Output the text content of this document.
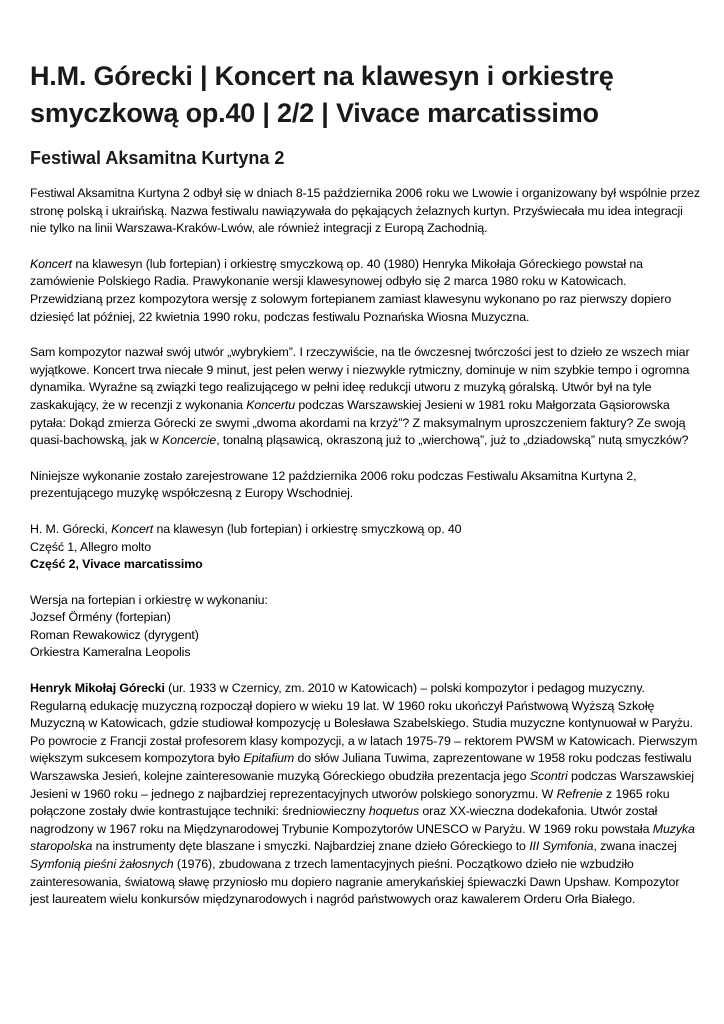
H.M. Górecki | Koncert na klawesyn i orkiestrę
smyczkową op.40 | 2/2 | Vivace marcatissimo
Festiwal Aksamitna Kurtyna 2

Festiwal Aksamitna Kurtyna 2 odbył się w dniach 8-15 października 2006 roku we Lwowie i organizowany był wspólnie przez stronę polską i ukraińską. Nazwa festiwalu nawiązywała do pękających żelaznych kurtyn. Przyświecała mu idea integracji nie tylko na linii Warszawa-Kraków-Lwów, ale również integracji z Europą Zachodnią.

Koncert na klawesyn (lub fortepian) i orkiestrę smyczkową op. 40 (1980) Henryka Mikołaja Góreckiego powstał na zamówienie Polskiego Radia. Prawykonanie wersji klawesynowej odbyło się 2 marca 1980 roku w Katowicach. Przewidzianą przez kompozytora wersję z solowym fortepianem zamiast klawesynu wykonano po raz pierwszy dopiero dziesięć lat później, 22 kwietnia 1990 roku, podczas festiwalu Poznańska Wiosna Muzyczna.

Sam kompozytor nazwał swój utwór „wybrykiem”. I rzeczywiście, na tle ówczesnej twórczości jest to dzieło ze wszech miar wyjątkowe. Koncert trwa niecałe 9 minut, jest pełen werwy i niezwykle rytmiczny, dominuje w nim szybkie tempo i ogromna dynamika. Wyraźne są związki tego realizującego w pełni ideę redukcji utworu z muzyką góralską. Utwór był na tyle zaskakujący, że w recenzji z wykonania Koncertu podczas Warszawskiej Jesieni w 1981 roku Małgorzata Gąsiorowska pytała: Dokąd zmierza Górecki ze swymi „dwoma akordami na krzyż”? Z maksymalnym uproszczeniem faktury? Ze swoją quasi-bachowską, jak w Koncercie, tonalną pląsawicą, okraszoną już to „wierchową”, już to „dziadowską” nutą smyczków?

Niniejsze wykonanie zostało zarejestrowane 12 października 2006 roku podczas Festiwalu Aksamitna Kurtyna 2, prezentującego muzykę współczesną z Europy Wschodniej.

H. M. Górecki, Koncert na klawesyn (lub fortepian) i orkiestrę smyczkową op. 40
Część 1, Allegro molto
Część 2, Vivace marcatissimo
Wersja na fortepian i orkiestrę w wykonaniu:
Jozsef Örmény (fortepian)
Roman Rewakowicz (dyrygent)
Orkiestra Kameralna Leopolis

Henryk Mikołaj Górecki (ur. 1933 w Czernicy, zm. 2010 w Katowicach) – polski kompozytor i pedagog muzyczny. Regularną edukację muzyczną rozpoczął dopiero w wieku 19 lat. W 1960 roku ukończył Państwową Wyższą Szkołę Muzyczną w Katowicach, gdzie studiował kompozycję u Bolesława Szabelskiego. Studia muzyczne kontynuował w Paryżu. Po powrocie z Francji został profesorem klasy kompozycji, a w latach 1975-79 – rektorem PWSM w Katowicach. Pierwszym większym sukcesem kompozytora było Epitafium do słów Juliana Tuwima, zaprezentowane w 1958 roku podczas festiwalu Warszawska Jesień, kolejne zainteresowanie muzyką Góreckiego obudziła prezentacja jego Scontri podczas Warszawskiej Jesieni w 1960 roku – jednego z najbardziej reprezentacyjnych utworów polskiego sonoryzmu. W Refrenie z 1965 roku połączone zostały dwie kontrastujące techniki: średniowieczny hoquetus oraz XX-wieczna dodekafonia. Utwór został nagrodzony w 1967 roku na Międzynarodowej Trybunie Kompozytorów UNESCO w Paryżu. W 1969 roku powstała Muzyka staropolska na instrumenty dęte blaszane i smyczki. Najbardziej znane dzieło Góreckiego to III Symfonia, zwana inaczej Symfonią pieśni żałosnych (1976), zbudowana z trzech lamentacyjnych pieśni. Początkowo dzieło nie wzbudziło zainteresowania, światową sławę przyniosło mu dopiero nagranie amerykańskiej śpiewaczki Dawn Upshaw. Kompozytor jest laureatem wielu konkursów międzynarodowych i nagród państwowych oraz kawalerem Orderu Orła Białego.
